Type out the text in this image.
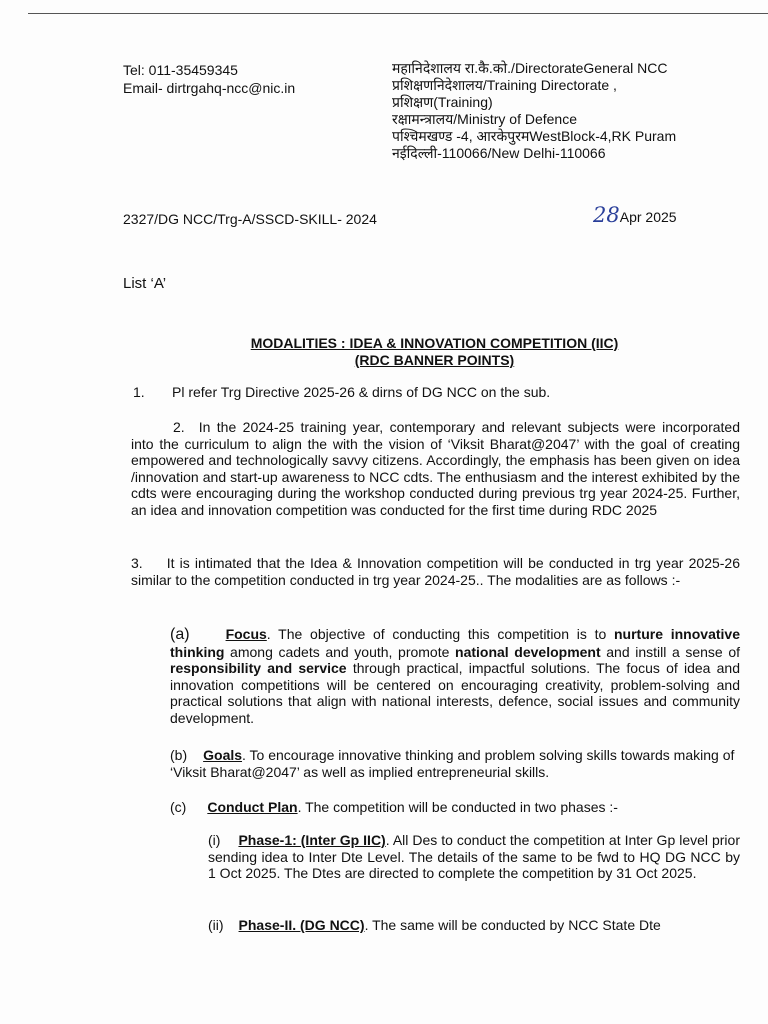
Tel: 011-35459345
Email- dirtrgahq-ncc@nic.in
महानिदेशालय रा.कै.को./DirectorateGeneral NCC
प्रशिक्षणनिदेशालय/Training Directorate ,
प्रशिक्षण(Training)
रक्षामन्त्रालय/Ministry of Defence
पश्चिमखण्ड -4, आरकेपुरमWestBlock-4,RK Puram
नईदिल्ली-110066/New Delhi-110066
2327/DG NCC/Trg-A/SSCD-SKILL- 2024	28Apr 2025
List ‘A’
MODALITIES : IDEA & INNOVATION COMPETITION (IIC)
(RDC BANNER POINTS)
1. Pl refer Trg Directive 2025-26 & dirns of DG NCC on the sub.
2. In the 2024-25 training year, contemporary and relevant subjects were incorporated into the curriculum to align the with the vision of ‘Viksit Bharat@2047’ with the goal of creating empowered and technologically savvy citizens. Accordingly, the emphasis has been given on idea /innovation and start-up awareness to NCC cdts. The enthusiasm and the interest exhibited by the cdts were encouraging during the workshop conducted during previous trg year 2024-25. Further, an idea and innovation competition was conducted for the first time during RDC 2025
3. It is intimated that the Idea & Innovation competition will be conducted in trg year 2025-26 similar to the competition conducted in trg year 2024-25.. The modalities are as follows :-
(a)	Focus. The objective of conducting this competition is to nurture innovative thinking among cadets and youth, promote national development and instill a sense of responsibility and service through practical, impactful solutions. The focus of idea and innovation competitions will be centered on encouraging creativity, problem-solving and practical solutions that align with national interests, defence, social issues and community development.
(b) Goals. To encourage innovative thinking and problem solving skills towards making of ‘Viksit Bharat@2047’ as well as implied entrepreneurial skills.
(c) Conduct Plan. The competition will be conducted in two phases :-
(i) Phase-1: (Inter Gp IIC). All Des to conduct the competition at Inter Gp level prior sending idea to Inter Dte Level. The details of the same to be fwd to HQ DG NCC by 1 Oct 2025. The Dtes are directed to complete the competition by 31 Oct 2025.
(ii) Phase-II. (DG NCC). The same will be conducted by NCC State Dte
